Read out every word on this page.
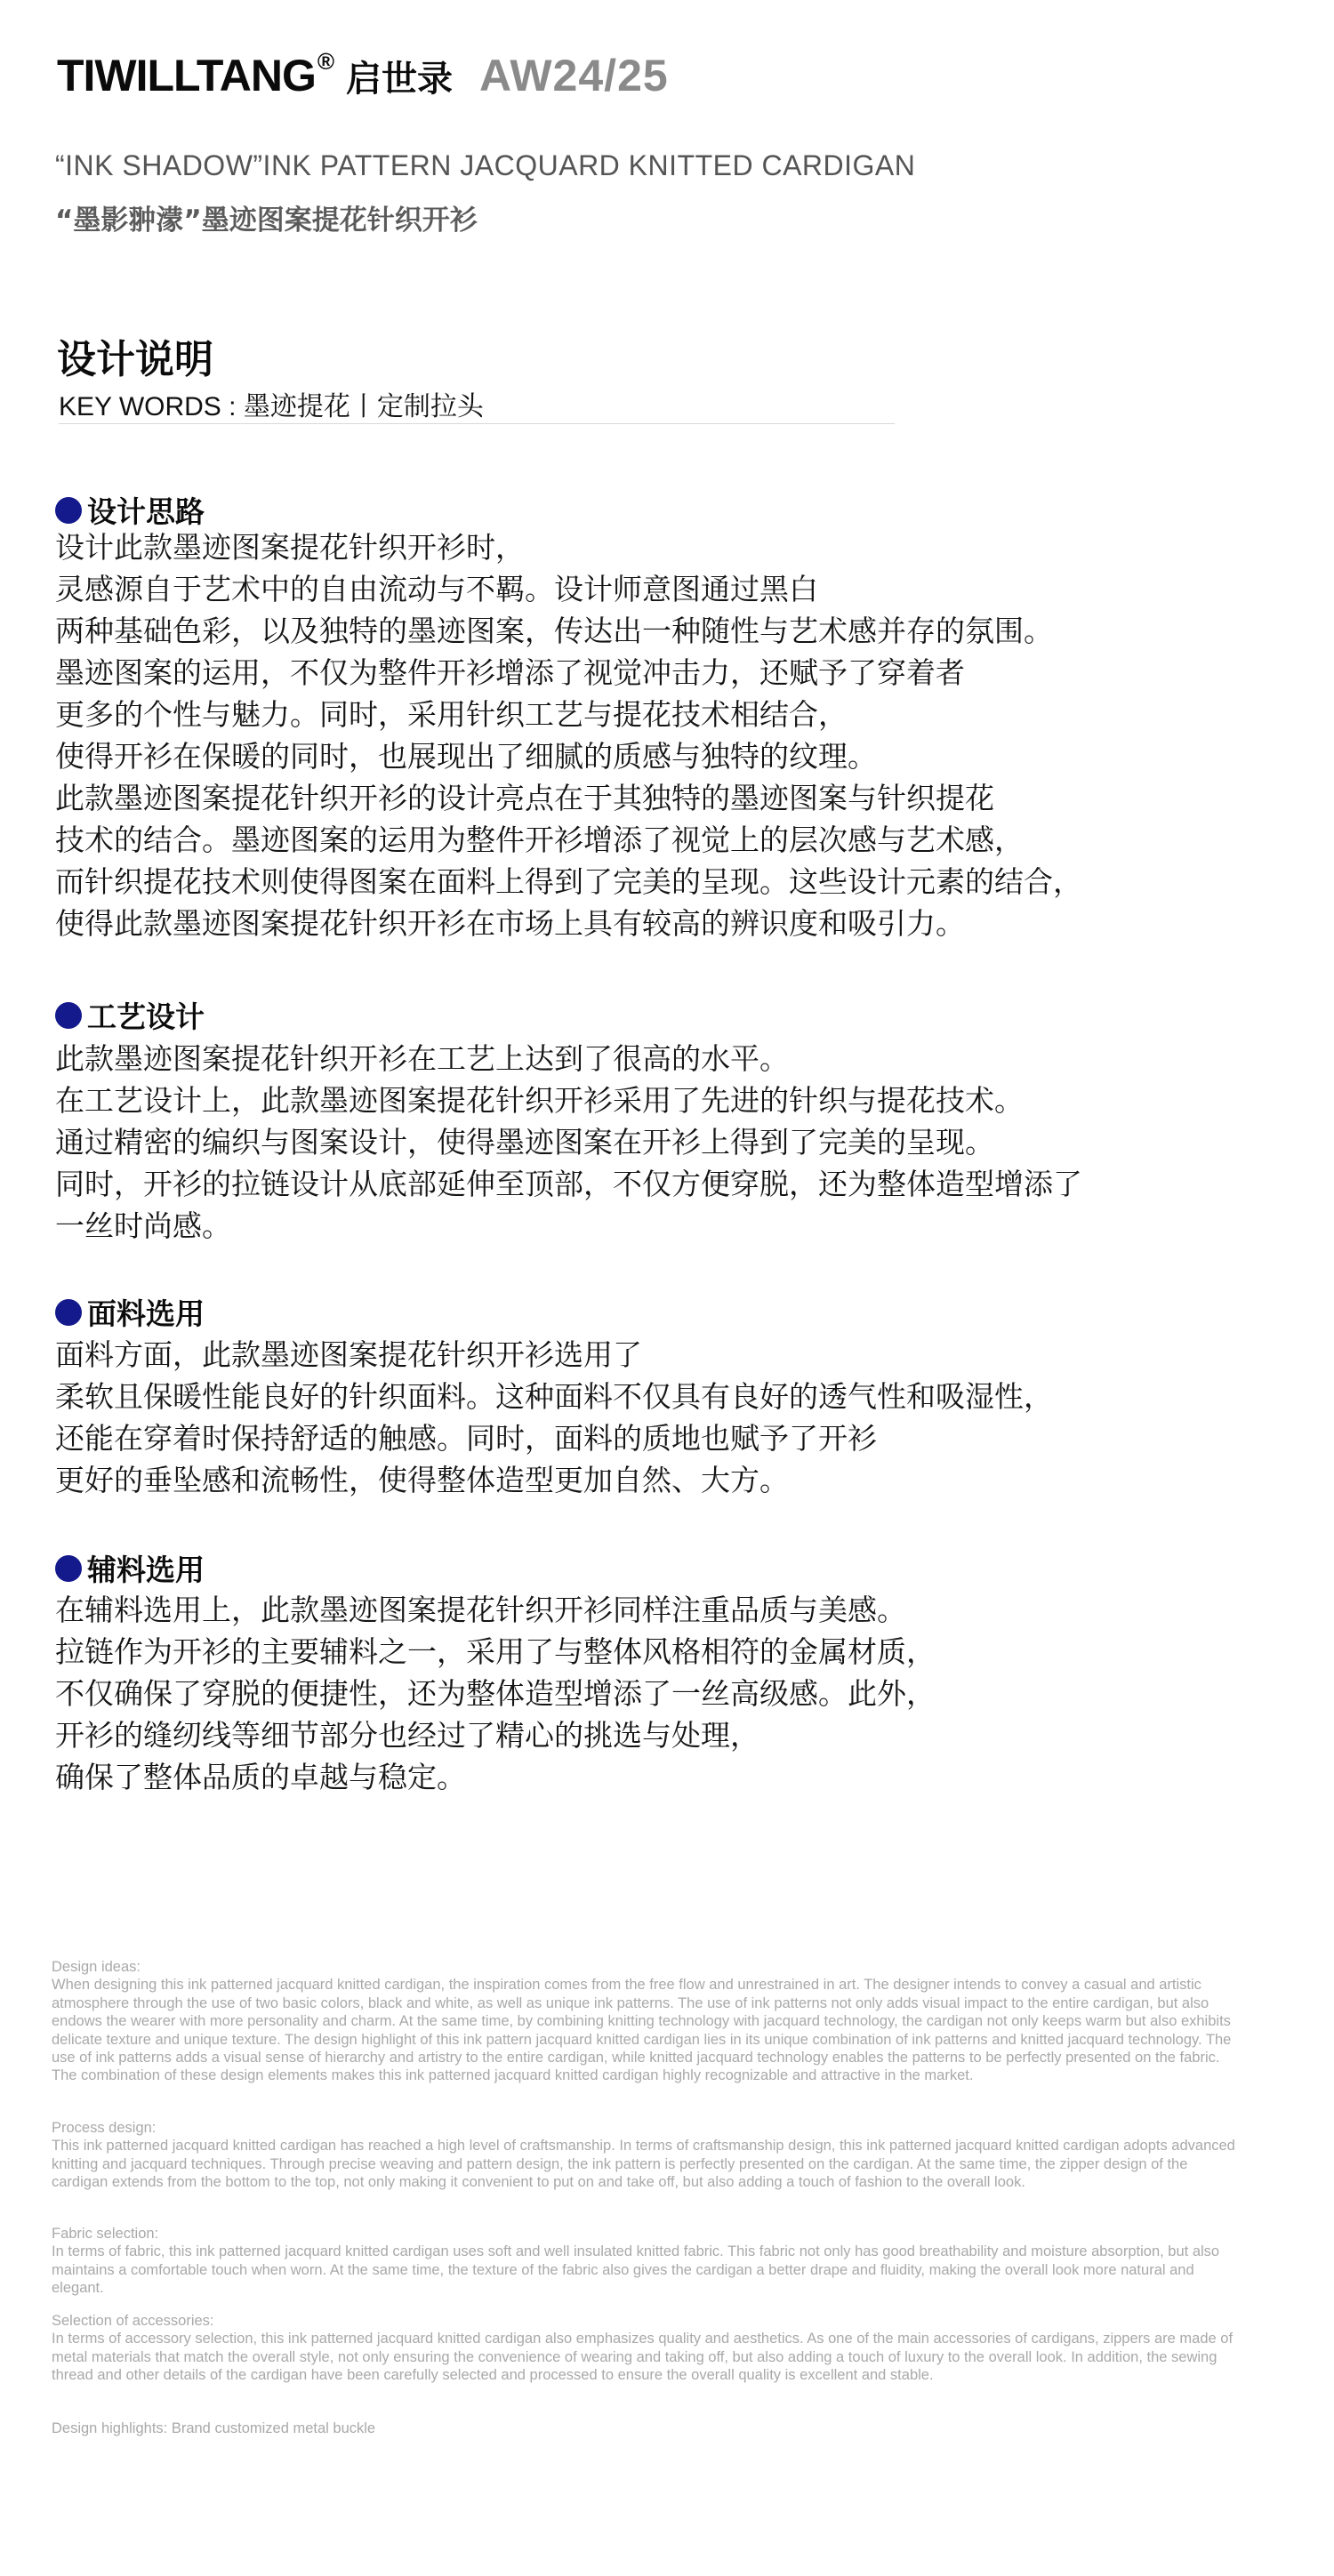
TIWILLTANG® 启世录 AW24/25
“INK SHADOW”INK PATTERN JACQUARD KNITTED CARDIGAN
“墨影翀濛”墨迹图案提花针织开衫
设计说明
KEY WORDS : 墨迹提花丨定制拉头
设计思路
设计此款墨迹图案提花针织开衫时，
灵感源自于艺术中的自由流动与不羁。设计师意图通过黑白
两种基础色彩，以及独特的墨迹图案，传达出一种随性与艺术感并存的氛围。
墨迹图案的运用，不仅为整件开衫增添了视觉冲击力，还赋予了穿着者
更多的个性与魅力。同时，采用针织工艺与提花技术相结合，
使得开衫在保暖的同时，也展现出了细腻的质感与独特的纹理。
此款墨迹图案提花针织开衫的设计亮点在于其独特的墨迹图案与针织提花
技术的结合。墨迹图案的运用为整件开衫增添了视觉上的层次感与艺术感，
而针织提花技术则使得图案在面料上得到了完美的呈现。这些设计元素的结合，
使得此款墨迹图案提花针织开衫在市场上具有较高的辨识度和吸引力。
工艺设计
此款墨迹图案提花针织开衫在工艺上达到了很高的水平。
在工艺设计上，此款墨迹图案提花针织开衫采用了先进的针织与提花技术。
通过精密的编织与图案设计，使得墨迹图案在开衫上得到了完美的呈现。
同时，开衫的拉链设计从底部延伸至顶部，不仅方便穿脱，还为整体造型增添了
一丝时尚感。
面料选用
面料方面，此款墨迹图案提花针织开衫选用了
柔软且保暖性能良好的针织面料。这种面料不仅具有良好的透气性和吸湿性，
还能在穿着时保持舒适的触感。同时，面料的质地也赋予了开衫
更好的垂坠感和流畅性，使得整体造型更加自然、大方。
辅料选用
在辅料选用上，此款墨迹图案提花针织开衫同样注重品质与美感。
拉链作为开衫的主要辅料之一，采用了与整体风格相符的金属材质，
不仅确保了穿脱的便捷性，还为整体造型增添了一丝高级感。此外，
开衫的缝纫线等细节部分也经过了精心的挑选与处理，
确保了整体品质的卓越与稳定。
Design ideas:
When designing this ink patterned jacquard knitted cardigan, the inspiration comes from the free flow and unrestrained in art. The designer intends to convey a casual and artistic atmosphere through the use of two basic colors, black and white, as well as unique ink patterns. The use of ink patterns not only adds visual impact to the entire cardigan, but also endows the wearer with more personality and charm. At the same time, by combining knitting technology with jacquard technology, the cardigan not only keeps warm but also exhibits delicate texture and unique texture. The design highlight of this ink pattern jacquard knitted cardigan lies in its unique combination of ink patterns and knitted jacquard technology. The use of ink patterns adds a visual sense of hierarchy and artistry to the entire cardigan, while knitted jacquard technology enables the patterns to be perfectly presented on the fabric. The combination of these design elements makes this ink patterned jacquard knitted cardigan highly recognizable and attractive in the market.
Process design:
This ink patterned jacquard knitted cardigan has reached a high level of craftsmanship. In terms of craftsmanship design, this ink patterned jacquard knitted cardigan adopts advanced knitting and jacquard techniques. Through precise weaving and pattern design, the ink pattern is perfectly presented on the cardigan. At the same time, the zipper design of the cardigan extends from the bottom to the top, not only making it convenient to put on and take off, but also adding a touch of fashion to the overall look.
Fabric selection:
In terms of fabric, this ink patterned jacquard knitted cardigan uses soft and well insulated knitted fabric. This fabric not only has good breathability and moisture absorption, but also maintains a comfortable touch when worn. At the same time, the texture of the fabric also gives the cardigan a better drape and fluidity, making the overall look more natural and elegant.
Selection of accessories:
In terms of accessory selection, this ink patterned jacquard knitted cardigan also emphasizes quality and aesthetics. As one of the main accessories of cardigans, zippers are made of metal materials that match the overall style, not only ensuring the convenience of wearing and taking off, but also adding a touch of luxury to the overall look. In addition, the sewing thread and other details of the cardigan have been carefully selected and processed to ensure the overall quality is excellent and stable.
Design highlights: Brand customized metal buckle
